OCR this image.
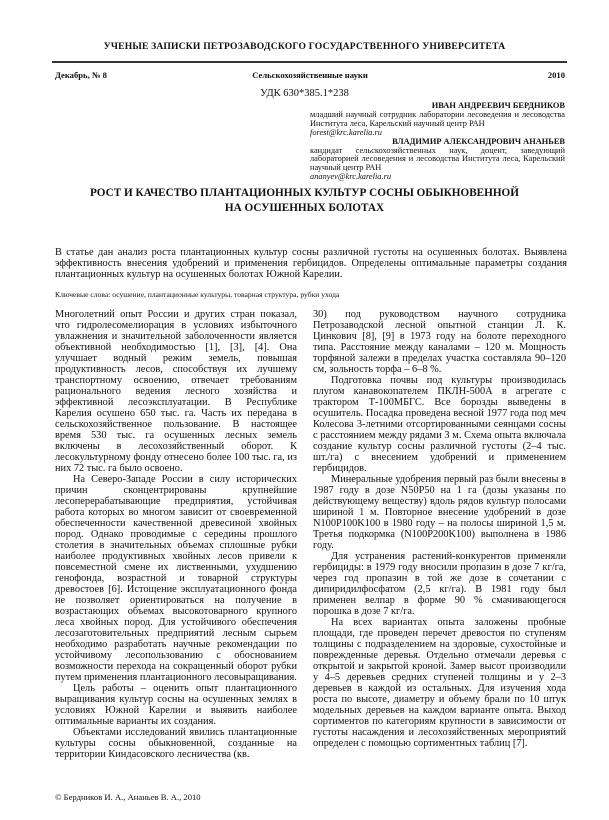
УЧЕНЫЕ ЗАПИСКИ ПЕТРОЗАВОДСКОГО ГОСУДАРСТВЕННОГО УНИВЕРСИТЕТА
Декабрь, № 8	Сельскохозяйственные науки	2010
УДК 630*385.1*238
ИВАН АНДРЕЕВИЧ БЕРДНИКОВ
младший научный сотрудник лаборатории лесоведения и лесоводства Института леса, Карельский научный центр РАН
forest@krc.karelia.ru
ВЛАДИМИР АЛЕКСАНДРОВИЧ АНАНЬЕВ
кандидат сельскохозяйственных наук, доцент, заведующий лабораторией лесоведения и лесоводства Института леса, Карельский научный центр РАН
ananyev@krc.karelia.ru
РОСТ И КАЧЕСТВО ПЛАНТАЦИОННЫХ КУЛЬТУР СОСНЫ ОБЫКНОВЕННОЙ
НА ОСУШЕННЫХ БОЛОТАХ
В статье дан анализ роста плантационных культур сосны различной густоты на осушенных болотах. Выявлена эффективность внесения удобрений и применения гербицидов. Определены оптимальные параметры создания плантационных культур на осушенных болотах Южной Карелии.
Ключевые слова: осушение, плантационные культуры, товарная структура, рубки ухода

Многолетний опыт России и других стран показал, что гидролесомелиорация в условиях избыточного увлажнения и значительной заболоченности является объективной необходимостью [1], [3], [4]. Она улучшает водный режим земель, повышая продуктивность лесов, способствуя их лучшему транспортному освоению, отвечает требованиям рационального ведения лесного хозяйства и эффективной лесоэксплуатации. В Республике Карелия осушено 650 тыс. га. Часть их передана в сельскохозяйственное пользование. В настоящее время 530 тыс. га осушенных лесных земель включены в лесохозяйственный оборот. К лесокультурному фонду отнесено более 100 тыс. га, из них 72 тыс. га было освоено.

На Северо-Западе России в силу исторических причин сконцентрированы крупнейшие лесоперерабатывающие предприятия, устойчивая работа которых во многом зависит от своевременной обеспеченности качественной древесиной хвойных пород. Однако проводимые с середины прошлого столетия в значительных объемах сплошные рубки наиболее продуктивных хвойных лесов привели к повсеместной смене их лиственными, ухудшению генофонда, возрастной и товарной структуры древостоев [6]. Истощение эксплуатационного фонда не позволяет ориентироваться на получение в возрастающих объемах высокотоварного крупного леса хвойных пород. Для устойчивого обеспечения лесозаготовительных предприятий лесным сырьем необходимо разработать научные рекомендации по устойчивому лесопользованию с обоснованием возможности перехода на сокращенный оборот рубки путем применения плантационного лесовыращивания.

Цель работы – оценить опыт плантационного выращивания культур сосны на осушенных землях в условиях Южной Карелии и выявить наиболее оптимальные варианты их создания.

Объектами исследований явились плантационные культуры сосны обыкновенной, созданные на территории Киндасовского лесничества (кв.

30) под руководством научного сотрудника Петрозаводской лесной опытной станции Л. К. Цинкович [8], [9] в 1973 году на болоте переходного типа. Расстояние между каналами – 120 м. Мощность торфяной залежи в пределах участка составляла 90–120 см, зольность торфа – 6–8 %.

Подготовка почвы под культуры производилась плугом канавокопателем ПКЛН-500А в агрегате с трактором Т-100МБГС. Все борозды выведены в осушитель. Посадка проведена весной 1977 года под меч Колесова 3-летними отсортированными сеянцами сосны с расстоянием между рядами 3 м. Схема опыта включала создание культур сосны различной густоты (2–4 тыс. шт./га) с внесением удобрений и применением гербицидов.

Минеральные удобрения первый раз были внесены в 1987 году в дозе N50P50 на 1 га (дозы указаны по действующему веществу) вдоль рядов культур полосами шириной 1 м. Повторное внесение удобрений в дозе N100P100K100 в 1980 году – на полосы шириной 1,5 м. Третья подкормка (N100P200K100) выполнена в 1986 году.

Для устранения растений-конкурентов применяли гербициды: в 1979 году вносили пропазин в дозе 7 кг/га, через год пропазин в той же дозе в сочетании с дипиридилфосфатом (2,5 кг/га). В 1981 году был применен велпар в форме 90 % смачивающегося порошка в дозе 7 кг/га.

На всех вариантах опыта заложены пробные площади, где проведен перечет древостоя по ступеням толщины с подразделением на здоровые, сухостойные и поврежденные деревья. Отдельно отмечали деревья с открытой и закрытой кроной. Замер высот производили у 4–5 деревьев средних ступеней толщины и у 2–3 деревьев в каждой из остальных. Для изучения хода роста по высоте, диаметру и объему брали по 10 штук модельных деревьев на каждом варианте опыта. Выход сортиментов по категориям крупности в зависимости от густоты насаждения и лесохозяйственных мероприятий определен с помощью сортиментных таблиц [7].

© Бердников И. А., Ананьев В. А., 2010
